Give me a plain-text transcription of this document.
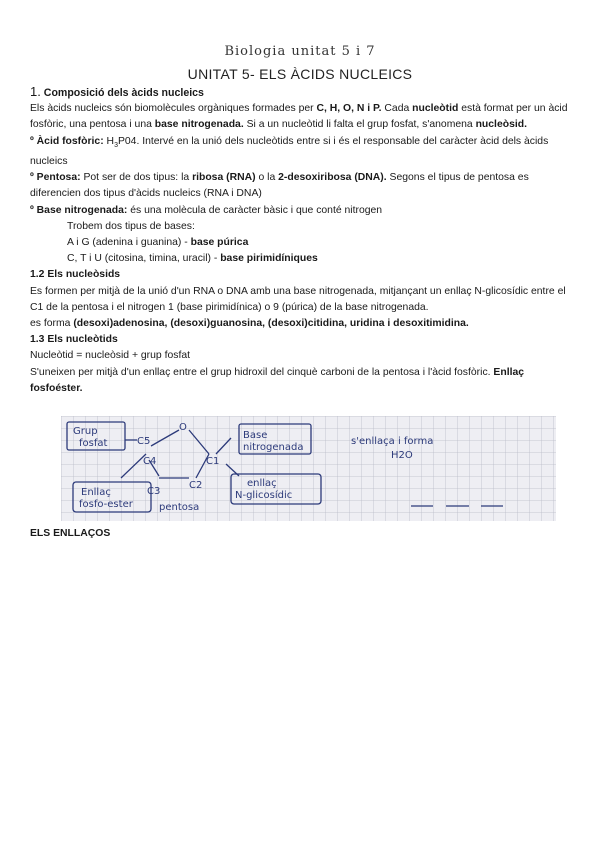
Biologia unitat 5 i 7
UNITAT 5- ELS ÀCIDS NUCLEICS

1. Composició dels àcids nucleics

Els àcids nucleics són biomolècules orgàniques formades per C, H, O, N i P. Cada nucleòtid està format per un àcid fosfòric, una pentosa i una base nitrogenada. Si a un nucleòtid li falta el grup fosfat, s'anomena nucleòsid.

º Àcid fosfòric: $H_3P04$. Intervé en la unió dels nucleòtids entre si i és el responsable del caràcter àcid dels àcids nucleics

º Pentosa: Pot ser de dos tipus: la ribosa (RNA) o la 2-desoxiribosa (DNA). Segons el tipus de pentosa es diferencien dos tipus d'àcids nucleics (RNA i DNA)

º Base nitrogenada: és una molècula de caràcter bàsic i que conté nitrogen

Trobem dos tipus de bases:

A i G (adenina i guanina) - base púrica

C, T i U (citosina, timina, uracil) - base pirimidíniques

1.2 Els nucleòsids

Es formen per mitjà de la unió d'un RNA o DNA amb una base nitrogenada, mitjançant un enllaç N-glicosídic entre el C1 de la pentosa i el nitrogen 1 (base pirimidínica) o 9 (púrica) de la base nitrogenada.

es forma (desoxi)adenosina, (desoxi)guanosina, (desoxi)citidina, uridina i desoxitimidina.

1.3 Els nucleòtids

Nucleòtid = nucleòsid + grup fosfat

S'uneixen per mitjà d'un enllaç entre el grup hidroxil del cinquè carboni de la pentosa i l'àcid fosfòric. Enllaç fosfoéster.

Grup
fosfat	C5
O
C4	C1
C3
C2
Base
nitrogenada
Enllaç
fosfo-ester	pentosa
enllaç
N-glicosídic
s'enllaça i forma
H2O
ELS ENLLAÇOS
